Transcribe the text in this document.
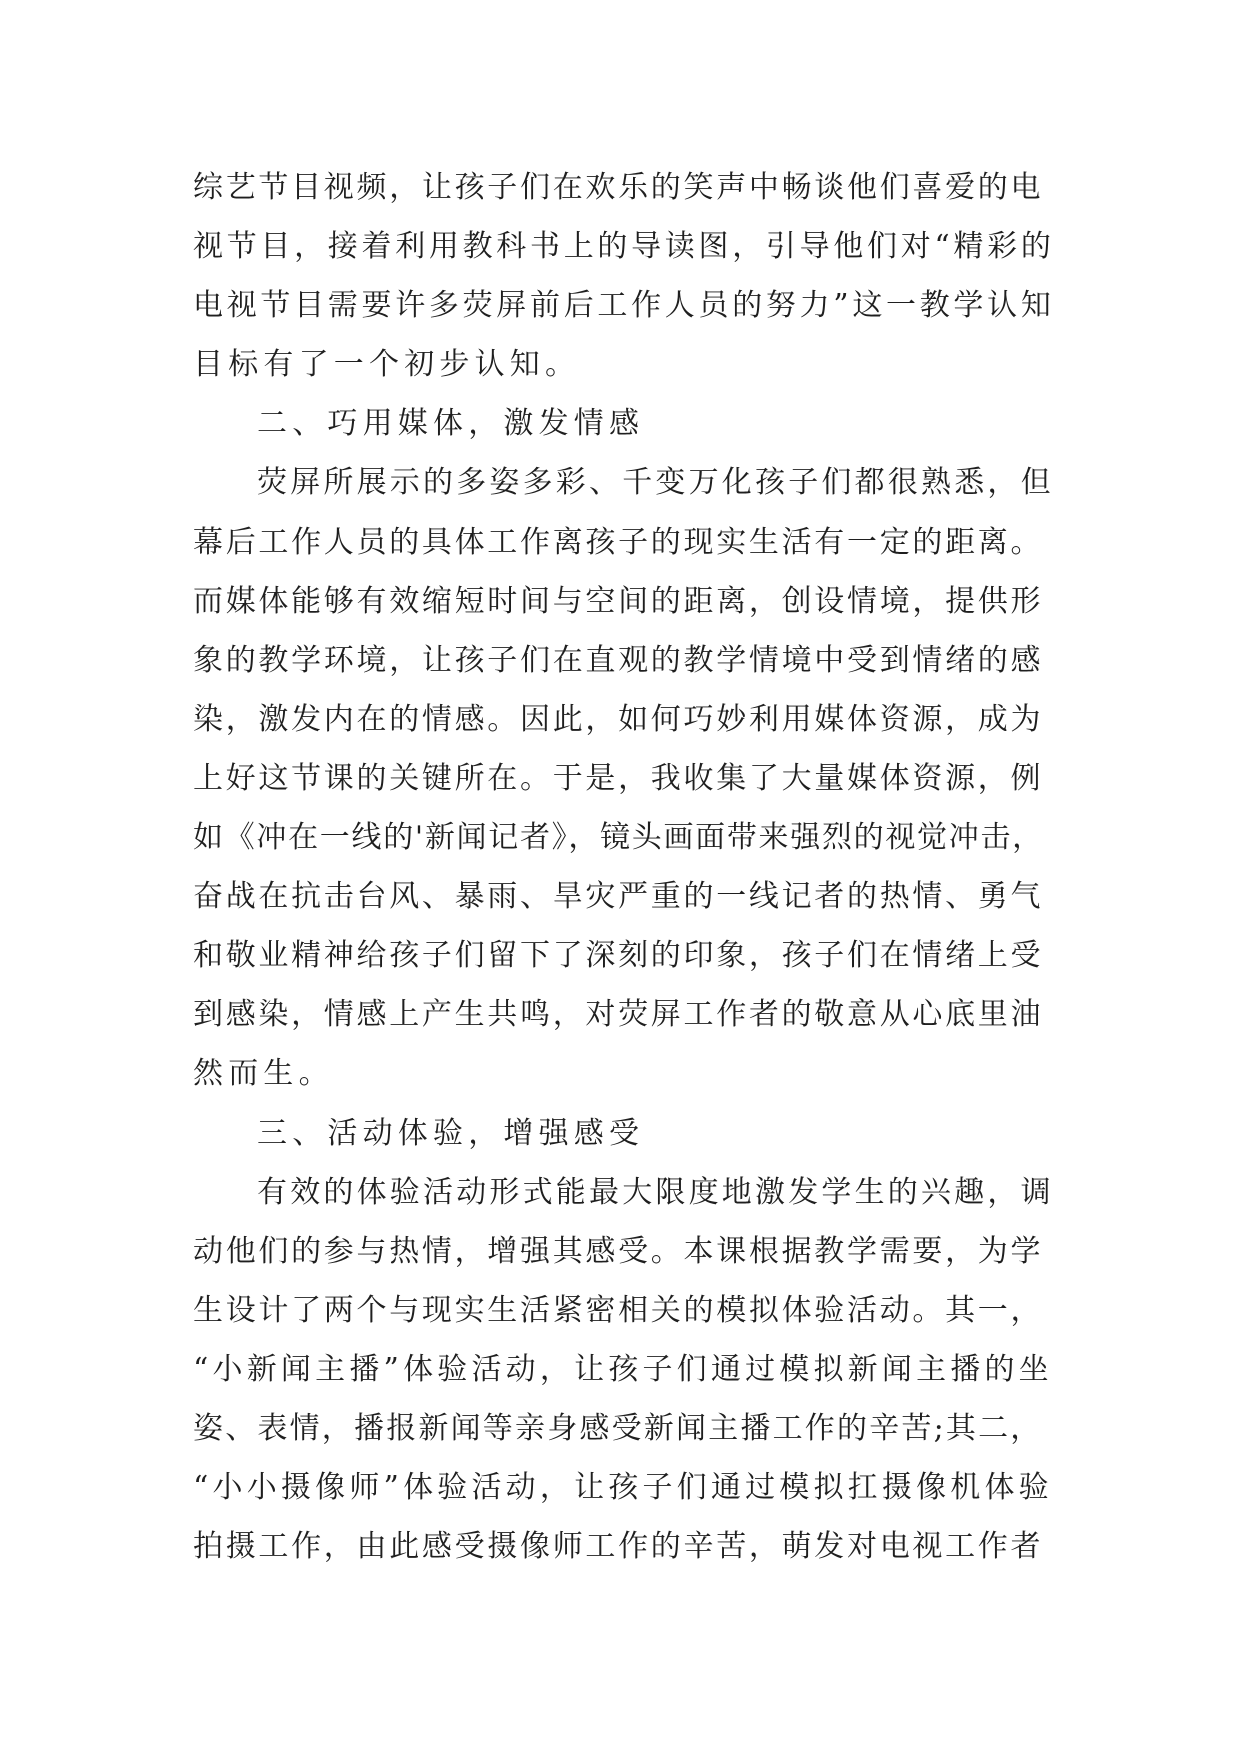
综艺节目视频，让孩子们在欢乐的笑声中畅谈他们喜爱的电
视节目，接着利用教科书上的导读图，引导他们对“精彩的
电视节目需要许多荧屏前后工作人员的努力”这一教学认知
目标有了一个初步认知。
二、巧用媒体，激发情感
荧屏所展示的多姿多彩、千变万化孩子们都很熟悉，但
幕后工作人员的具体工作离孩子的现实生活有一定的距离。
而媒体能够有效缩短时间与空间的距离，创设情境，提供形
象的教学环境，让孩子们在直观的教学情境中受到情绪的感
染，激发内在的情感。因此，如何巧妙利用媒体资源，成为
上好这节课的关键所在。于是，我收集了大量媒体资源，例
如《冲在一线的'新闻记者》，镜头画面带来强烈的视觉冲击，
奋战在抗击台风、暴雨、旱灾严重的一线记者的热情、勇气
和敬业精神给孩子们留下了深刻的印象，孩子们在情绪上受
到感染，情感上产生共鸣，对荧屏工作者的敬意从心底里油
然而生。
三、活动体验，增强感受
有效的体验活动形式能最大限度地激发学生的兴趣，调
动他们的参与热情，增强其感受。本课根据教学需要，为学
生设计了两个与现实生活紧密相关的模拟体验活动。其一，
“小新闻主播”体验活动，让孩子们通过模拟新闻主播的坐
姿、表情，播报新闻等亲身感受新闻主播工作的辛苦;其二，
“小小摄像师”体验活动，让孩子们通过模拟扛摄像机体验
拍摄工作，由此感受摄像师工作的辛苦，萌发对电视工作者
